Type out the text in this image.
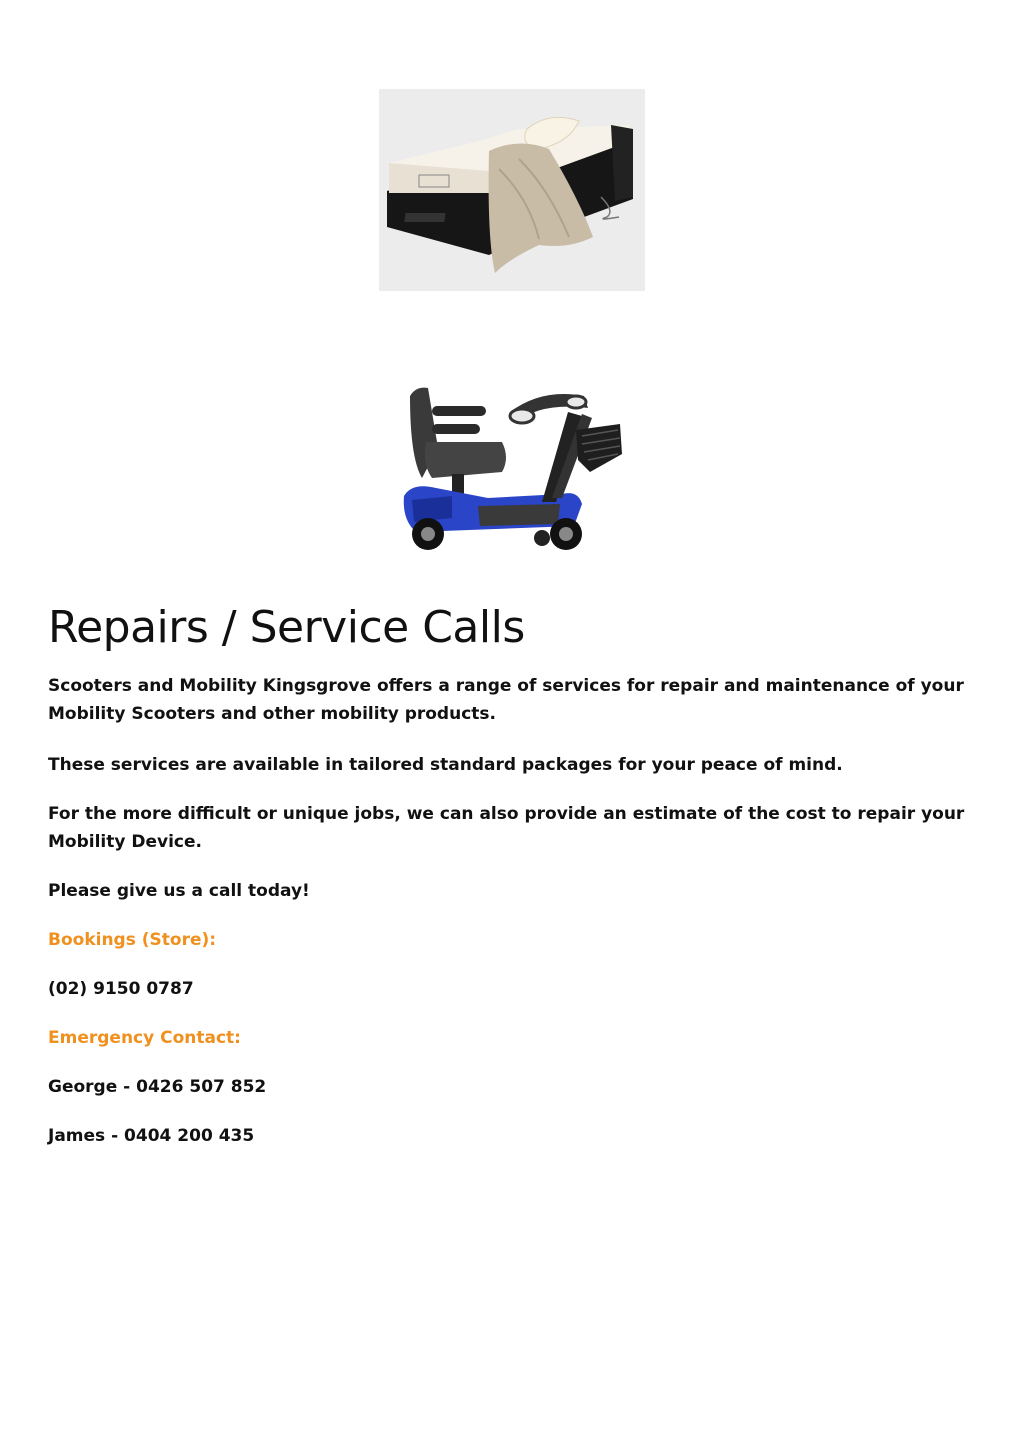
Repairs / Service Calls

Scooters and Mobility Kingsgrove offers a range of services for repair and maintenance of your Mobility Scooters and other mobility products.

These services are available in tailored standard packages for your peace of mind.

For the more difficult or unique jobs, we can also provide an estimate of the cost to repair your Mobility Device.

Please give us a call today!

Bookings (Store):

(02) 9150 0787

Emergency Contact:

George - 0426 507 852

James - 0404 200 435
